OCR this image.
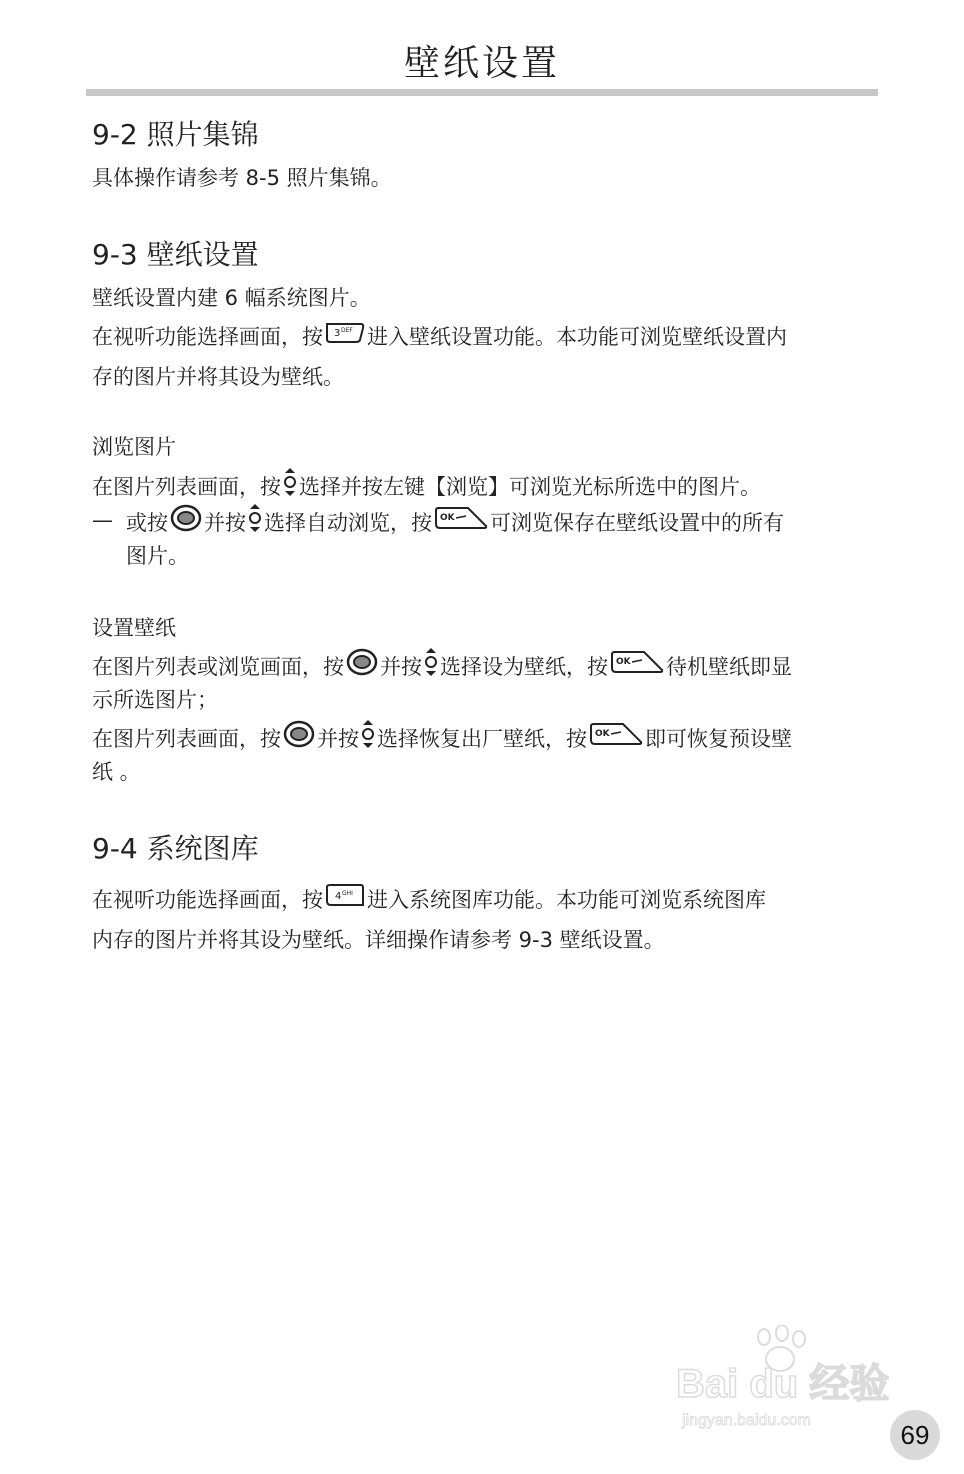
壁纸设置
9-2 照片集锦
具体操作请参考 8-5 照片集锦。
9-3 壁纸设置
壁纸设置内建 6 幅系统图片。
在视听功能选择画面，按 3 DEF 进入壁纸设置功能。本功能可浏览壁纸设置内
存的图片并将其设为壁纸。
浏览图片
在图片列表画面，按 选择并按左键【浏览】可浏览光标所选中的图片。
— 或按 并按 选择自动浏览，按 OK 可浏览保存在壁纸设置中的所有
图片。
设置壁纸
在图片列表或浏览画面，按 并按 选择设为壁纸，按 OK 待机壁纸即显
示所选图片；
在图片列表画面，按 并按 选择恢复出厂壁纸，按 OK 即可恢复预设壁
纸 。
9-4 系统图库
在视听功能选择画面，按 4 GHI 进入系统图库功能。本功能可浏览系统图库
内存的图片并将其设为壁纸。详细操作请参考 9-3 壁纸设置。
Bai du 经验
jingyan.baidu.com	69
